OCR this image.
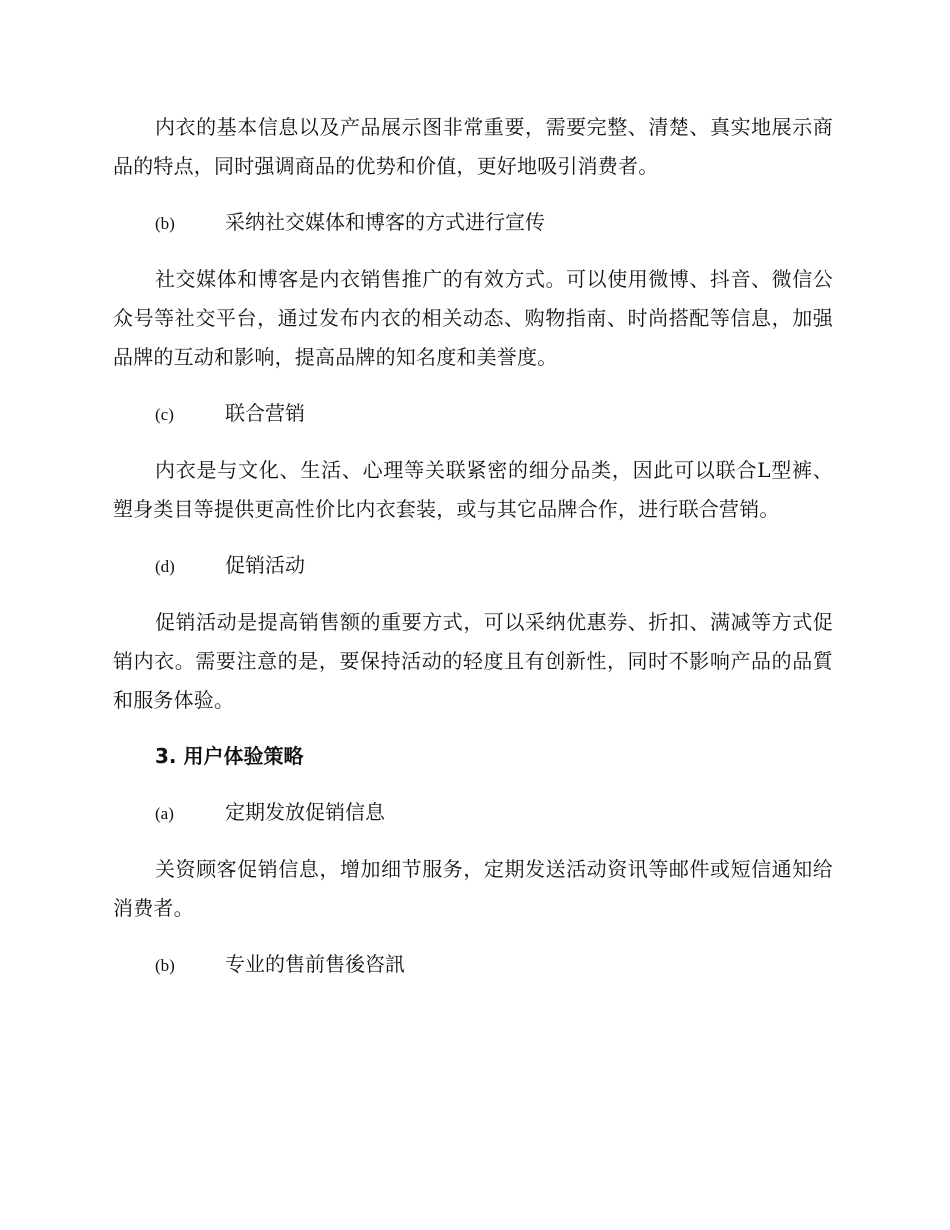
内衣的基本信息以及产品展示图非常重要，需要完整、清楚、真实地展示商品的特点，同时强调商品的优势和价值，更好地吸引消费者。

(b)	采纳社交媒体和博客的方式进行宣传

社交媒体和博客是内衣销售推广的有效方式。可以使用微博、抖音、微信公众号等社交平台，通过发布内衣的相关动态、购物指南、时尚搭配等信息，加强品牌的互动和影响，提高品牌的知名度和美誉度。

(c)	联合营销

内衣是与文化、生活、心理等关联紧密的细分品类，因此可以联合L型裤、塑身类目等提供更高性价比内衣套装，或与其它品牌合作，进行联合营销。

(d)	促销活动

促销活动是提高销售额的重要方式，可以采纳优惠券、折扣、满减等方式促销内衣。需要注意的是，要保持活动的轻度且有创新性，同时不影响产品的品質和服务体验。

3. 用户体验策略
(a)	定期发放促销信息

关资顾客促销信息，增加细节服务，定期发送活动资讯等邮件或短信通知给消费者。

(b)	专业的售前售後咨訊
